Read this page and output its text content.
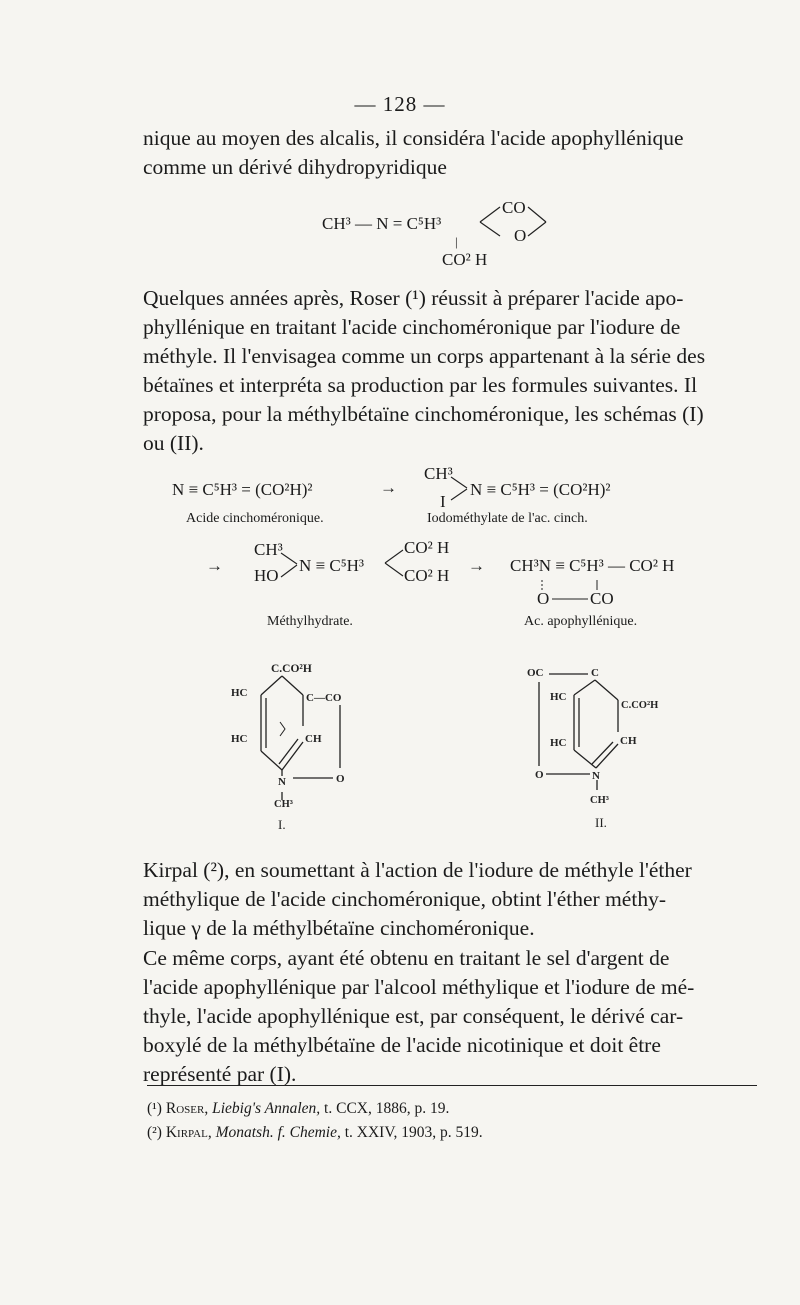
— 128 —
nique au moyen des alcalis, il considéra l'acide apophyllénique
comme un dérivé dihydropyridique
CH³ — N = C⁵H³
CO
O
|
CO² H
Quelques années après, Roser (¹) réussit à préparer l'acide apo-
phyllénique en traitant l'acide cinchoméronique par l'iodure de
méthyle. Il l'envisagea comme un corps appartenant à la série des
bétaïnes et interpréta sa production par les formules suivantes. Il
proposa, pour la méthylbétaïne cinchoméronique, les schémas (I)
ou (II).
N ≡ C⁵H³ = (CO²H)²	→
CH³
I
N ≡ C⁵H³ = (CO²H)²
Acide cinchoméronique.	Iodométhylate de l'ac. cinch.
→
CH³
HO
N ≡ C⁵H³
CO² H
CO² H
→ CH³N ≡ C⁵H³ — CO² H
O CO
Méthylhydrate.	Ac. apophyllénique.
C.CO²H
HC	C—CO
HC	CH
N	O
CH³
I.
OC	C
HC
C.CO²H
HC	CH
O	N
CH³
II.
Kirpal (²), en soumettant à l'action de l'iodure de méthyle l'éther
méthylique de l'acide cinchoméronique, obtint l'éther méthy-
lique γ de la méthylbétaïne cinchoméronique.
Ce même corps, ayant été obtenu en traitant le sel d'argent de
l'acide apophyllénique par l'alcool méthylique et l'iodure de mé-
thyle, l'acide apophyllénique est, par conséquent, le dérivé car-
boxylé de la méthylbétaïne de l'acide nicotinique et doit être
représenté par (I).
(¹) Roser, Liebig's Annalen, t. CCX, 1886, p. 19.
(²) Kirpal, Monatsh. f. Chemie, t. XXIV, 1903, p. 519.
